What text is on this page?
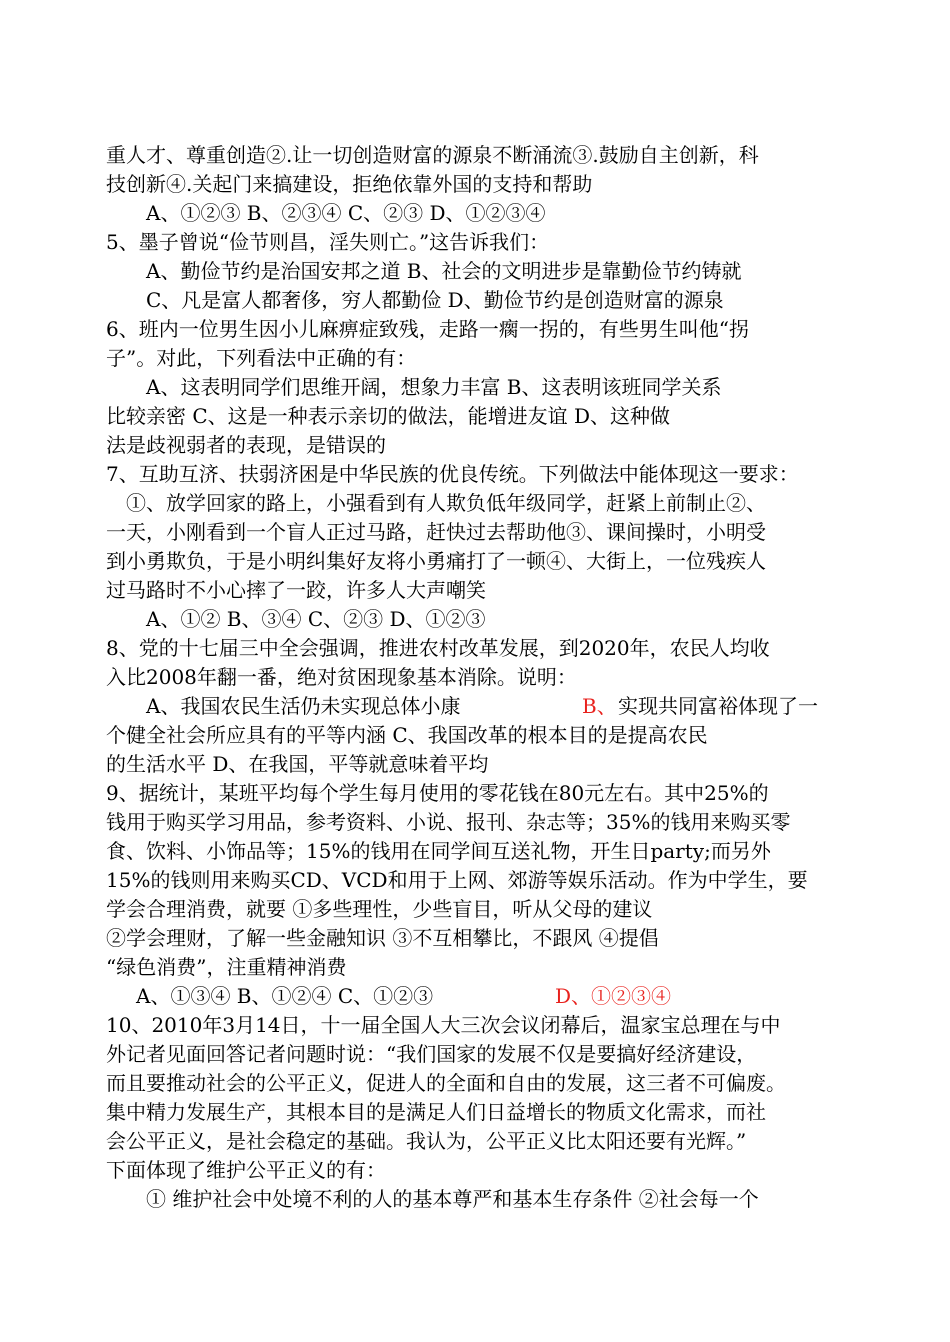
重人才、尊重创造②.让一切创造财富的源泉不断涌流③.鼓励自主创新，科
技创新④.关起门来搞建设，拒绝依靠外国的支持和帮助
A、①②③ B、②③④ C、②③ D、①②③④
5、墨子曾说“俭节则昌，淫失则亡。”这告诉我们：
A、勤俭节约是治国安邦之道 B、社会的文明进步是靠勤俭节约铸就
C、凡是富人都奢侈，穷人都勤俭 D、勤俭节约是创造财富的源泉
6、班内一位男生因小儿麻痹症致残，走路一瘸一拐的，有些男生叫他“拐
子”。对此，下列看法中正确的有：
A、这表明同学们思维开阔，想象力丰富 B、这表明该班同学关系
比较亲密 C、这是一种表示亲切的做法，能增进友谊 D、这种做
法是歧视弱者的表现，是错误的
7、互助互济、扶弱济困是中华民族的优良传统。下列做法中能体现这一要求：
①、放学回家的路上，小强看到有人欺负低年级同学，赶紧上前制止②、
一天，小刚看到一个盲人正过马路，赶快过去帮助他③、课间操时，小明受
到小勇欺负，于是小明纠集好友将小勇痛打了一顿④、大街上，一位残疾人
过马路时不小心摔了一跤，许多人大声嘲笑
A、①② B、③④ C、②③ D、①②③
8、党的十七届三中全会强调，推进农村改革发展，到2020年，农民人均收
入比2008年翻一番，绝对贫困现象基本消除。说明：
A、我国农民生活仍未实现总体小康	B、 实现共同富裕体现了一
个健全社会所应具有的平等内涵 C、我国改革的根本目的是提高农民
的生活水平 D、在我国，平等就意味着平均
9、据统计，某班平均每个学生每月使用的零花钱在80元左右。其中25%的
钱用于购买学习用品，参考资料、小说、报刊、杂志等；35%的钱用来购买零
食、饮料、小饰品等；15%的钱用在同学间互送礼物，开生日party;而另外
15%的钱则用来购买CD、VCD和用于上网、郊游等娱乐活动。作为中学生，要
学会合理消费，就要 ①多些理性，少些盲目，听从父母的建议
②学会理财，了解一些金融知识 ③不互相攀比，不跟风 ④提倡
“绿色消费”，注重精神消费
A、①③④ B、①②④ C、①②③	D、①②③④
10、2010年3月14日，十一届全国人大三次会议闭幕后，温家宝总理在与中
外记者见面回答记者问题时说：“我们国家的发展不仅是要搞好经济建设，
而且要推动社会的公平正义，促进人的全面和自由的发展，这三者不可偏废。
集中精力发展生产，其根本目的是满足人们日益增长的物质文化需求，而社
会公平正义，是社会稳定的基础。我认为，公平正义比太阳还要有光辉。”
下面体现了维护公平正义的有：
① 维护社会中处境不利的人的基本尊严和基本生存条件 ②社会每一个
